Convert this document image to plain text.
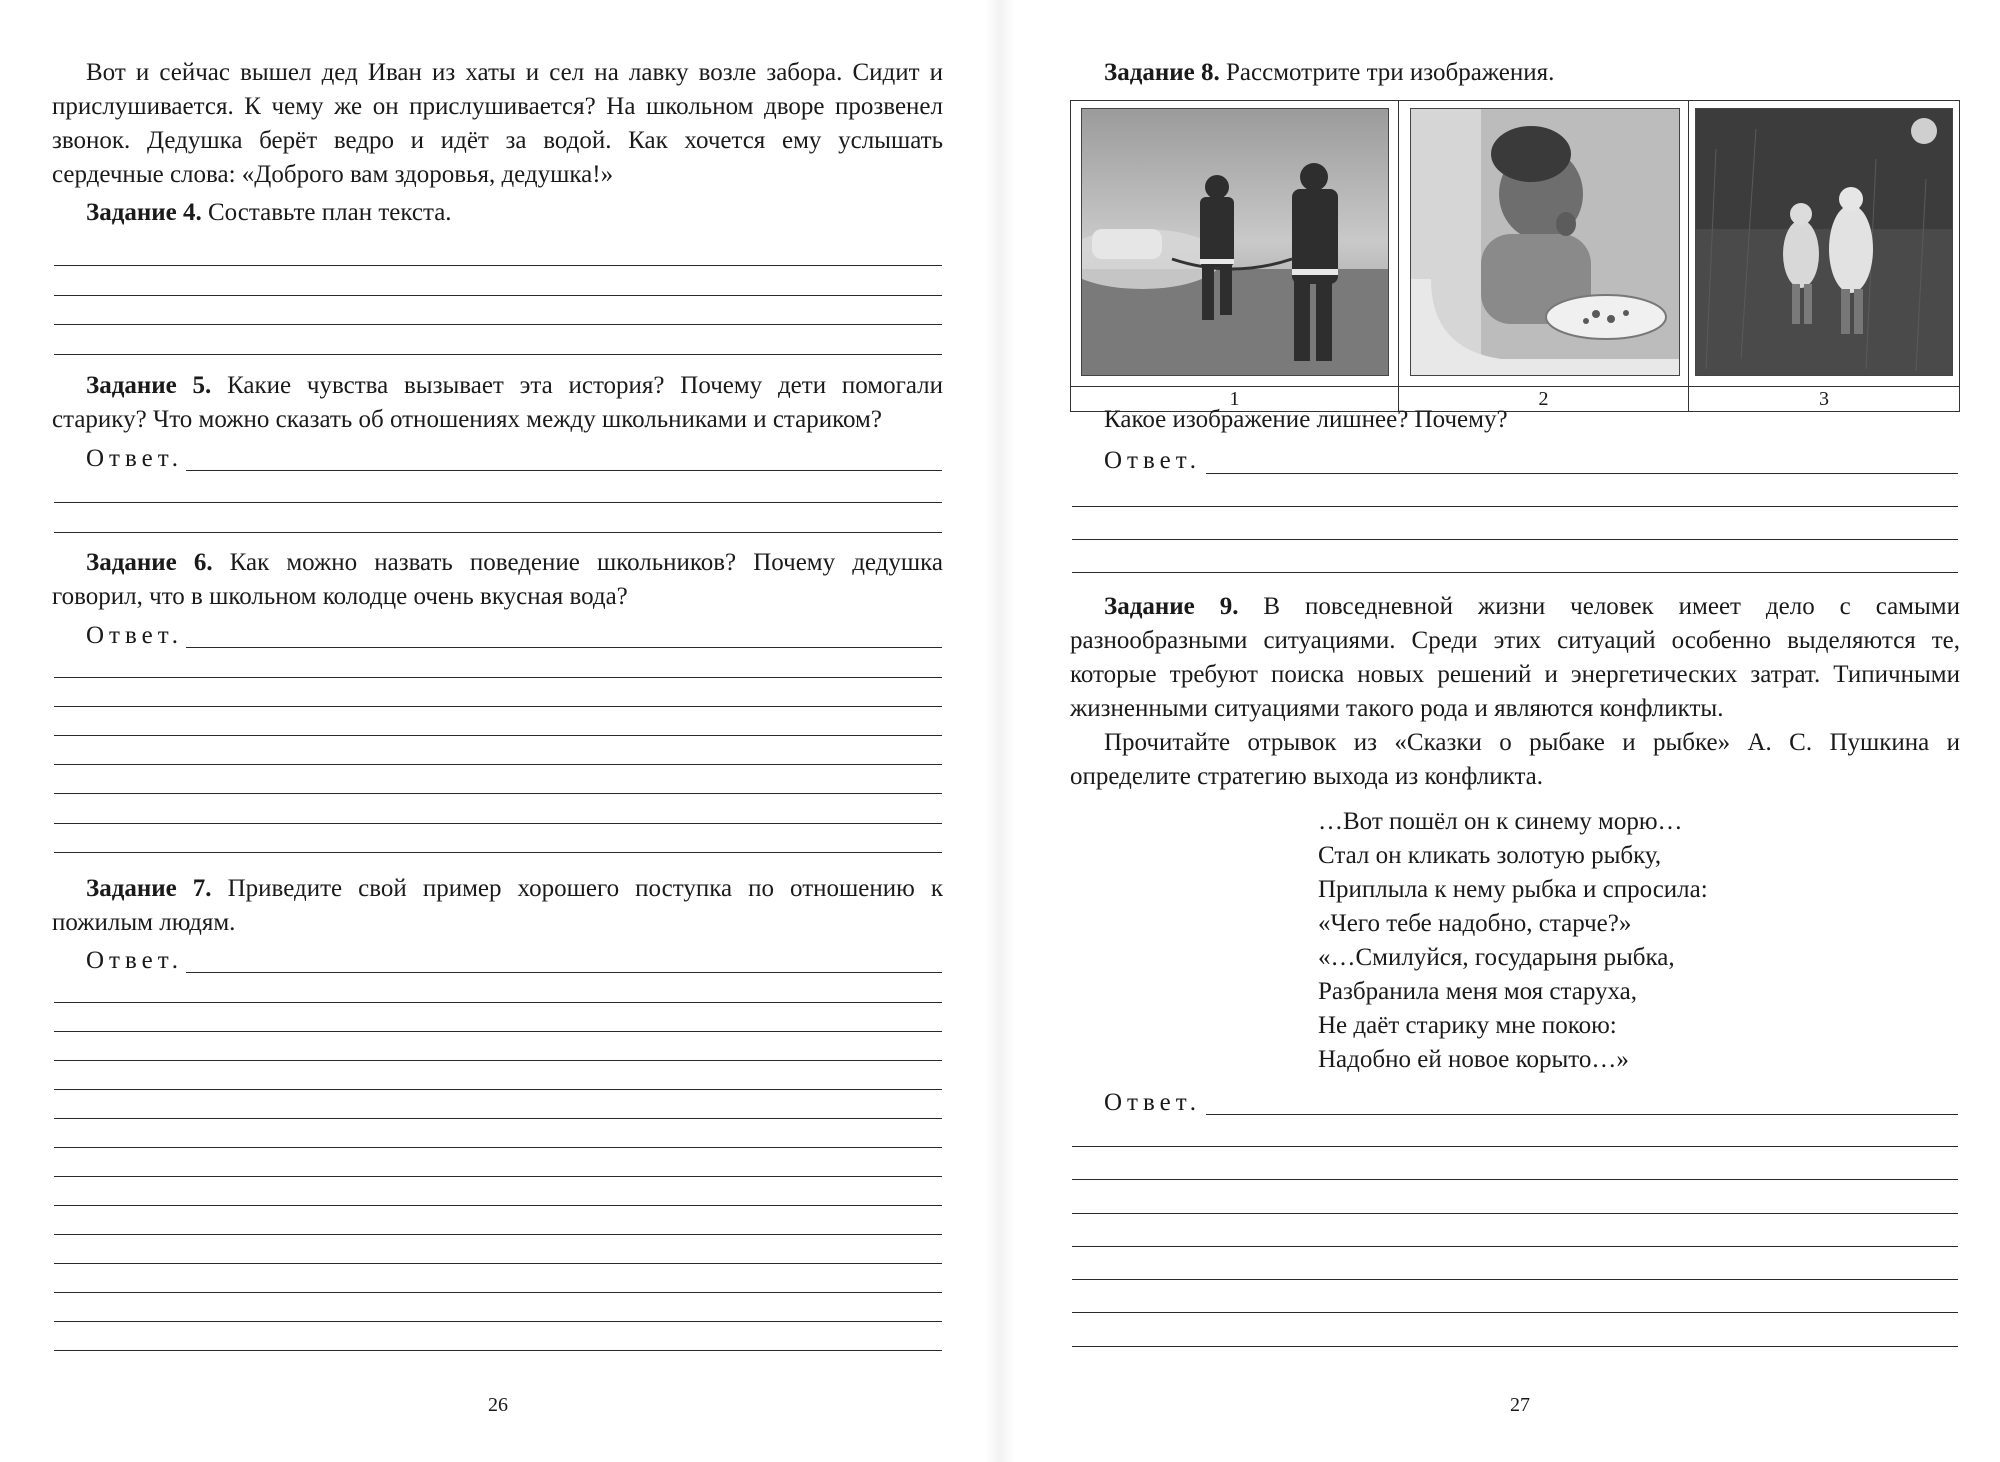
Вот и сейчас вышел дед Иван из хаты и сел на лавку возле забора. Сидит и прислушивается. К чему же он прислушивается? На школьном дворе прозвенел звонок. Дедушка берёт ведро и идёт за водой. Как хочется ему услышать сердечные слова: «Доброго вам здоровья, дедушка!»

Задание 4. Составьте план текста.

Задание 5. Какие чувства вызывает эта история? Почему дети помогали старику? Что можно сказать об отношениях между школьниками и стариком?

Ответ.

Задание 6. Как можно назвать поведение школьников? Почему дедушка говорил, что в школьном колодце очень вкусная вода?

Ответ.

Задание 7. Приведите свой пример хорошего поступка по отношению к пожилым людям.

Ответ.
26

Задание 8. Рассмотрите три изображения.

1	2	3

Какое изображение лишнее? Почему?

Ответ.

Задание 9. В повседневной жизни человек имеет дело с самыми разнообразными ситуациями. Среди этих ситуаций особенно выделяются те, которые требуют поиска новых решений и энергетических затрат. Типичными жизненными ситуациями такого рода и являются конфликты.

Прочитайте отрывок из «Сказки о рыбаке и рыбке» А. С. Пушкина и определите стратегию выхода из конфликта.

…Вот пошёл он к синему морю…
Стал он кликать золотую рыбку,
Приплыла к нему рыбка и спросила:
«Чего тебе надобно, старче?»
«…Смилуйся, государыня рыбка,
Разбранила меня моя старуха,
Не даёт старику мне покою:
Надобно ей новое корыто…»
Ответ.
27
